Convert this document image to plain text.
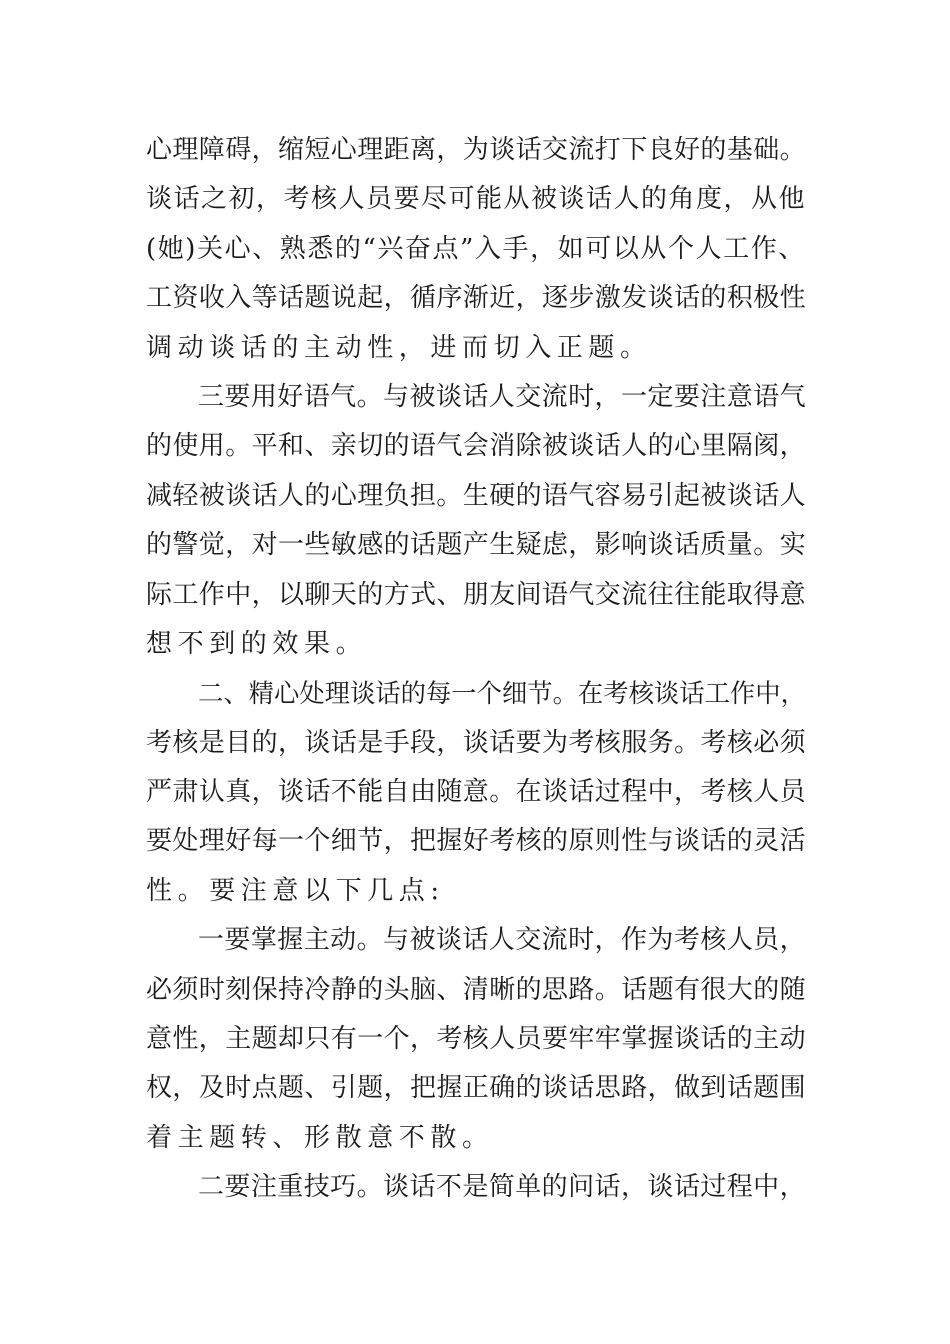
心理障碍，缩短心理距离，为谈话交流打下良好的基础。
谈话之初，考核人员要尽可能从被谈话人的角度，从他
(她)关心、熟悉的“兴奋点”入手，如可以从个人工作、
工资收入等话题说起，循序渐近，逐步激发谈话的积极性
调动谈话的主动性，进而切入正题。
三要用好语气。与被谈话人交流时，一定要注意语气
的使用。平和、亲切的语气会消除被谈话人的心里隔阂，
减轻被谈话人的心理负担。生硬的语气容易引起被谈话人
的警觉，对一些敏感的话题产生疑虑，影响谈话质量。实
际工作中，以聊天的方式、朋友间语气交流往往能取得意
想不到的效果。
二、精心处理谈话的每一个细节。在考核谈话工作中，
考核是目的，谈话是手段，谈话要为考核服务。考核必须
严肃认真，谈话不能自由随意。在谈话过程中，考核人员
要处理好每一个细节，把握好考核的原则性与谈话的灵活
性。要注意以下几点:
一要掌握主动。与被谈话人交流时，作为考核人员，
必须时刻保持冷静的头脑、清晰的思路。话题有很大的随
意性，主题却只有一个，考核人员要牢牢掌握谈话的主动
权，及时点题、引题，把握正确的谈话思路，做到话题围
着主题转、形散意不散。
二要注重技巧。谈话不是简单的问话，谈话过程中，
